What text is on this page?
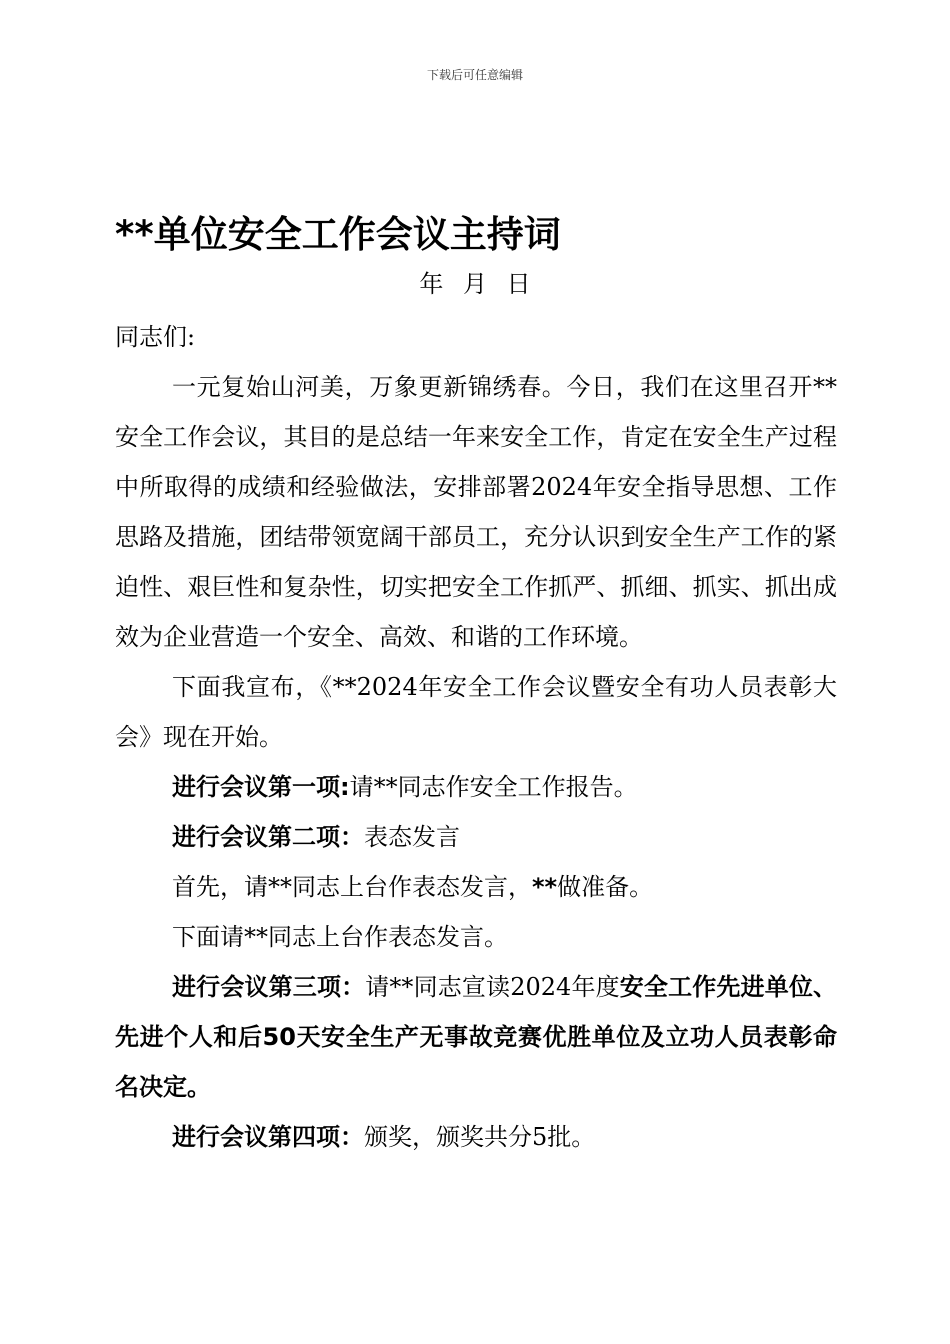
下载后可任意编辑
**单位安全工作会议主持词
年 月 日

同志们:

一元复始山河美，万象更新锦绣春。今日，我们在这里召开**安全工作会议，其目的是总结一年来安全工作，肯定在安全生产过程中所取得的成绩和经验做法，安排部署2024年安全指导思想、工作思路及措施，团结带领宽阔干部员工，充分认识到安全生产工作的紧迫性、艰巨性和复杂性，切实把安全工作抓严、抓细、抓实、抓出成效为企业营造一个安全、高效、和谐的工作环境。

下面我宣布，《**2024年安全工作会议暨安全有功人员表彰大会》现在开始。

进行会议第一项:请**同志作安全工作报告。

进行会议第二项：表态发言

首先，请**同志上台作表态发言，**做准备。

下面请**同志上台作表态发言。

进行会议第三项：请**同志宣读2024年度安全工作先进单位、先进个人和后50天安全生产无事故竞赛优胜单位及立功人员表彰命名决定。

进行会议第四项：颁奖，颁奖共分5批。
